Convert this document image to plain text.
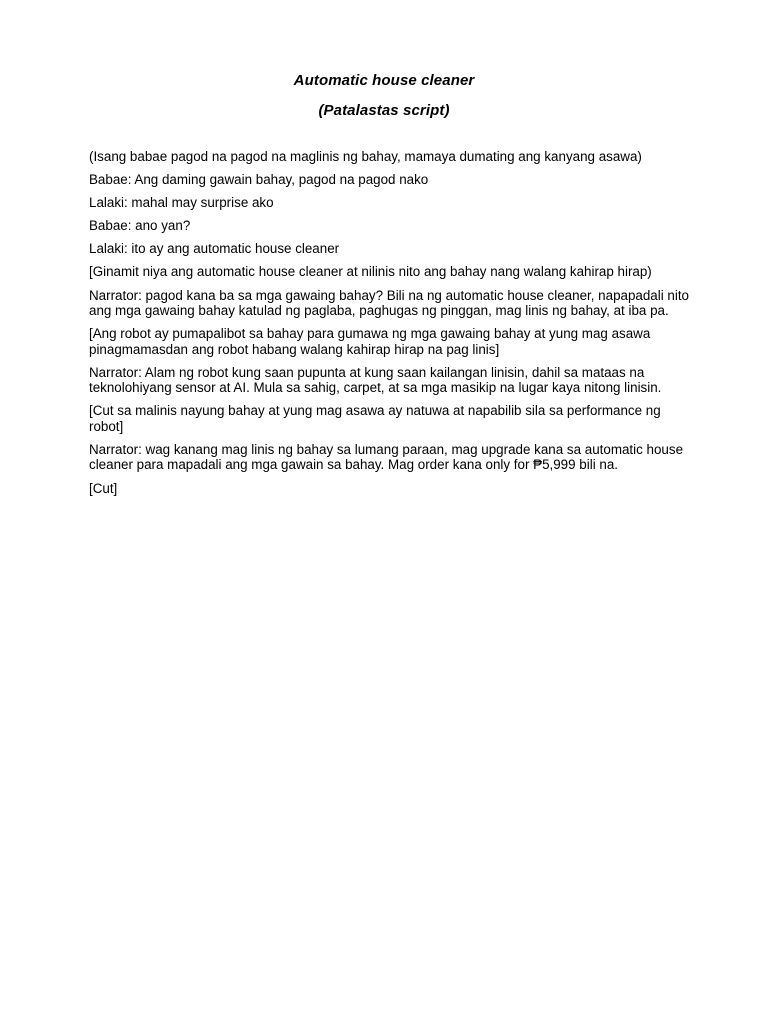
Automatic house cleaner

(Patalastas script)

(Isang babae pagod na pagod na maglinis ng bahay, mamaya dumating ang kanyang asawa)

Babae: Ang daming gawain bahay, pagod na pagod nako

Lalaki: mahal may surprise ako

Babae: ano yan?

Lalaki: ito ay ang automatic house cleaner

[Ginamit niya ang automatic house cleaner at nilinis nito ang bahay nang walang kahirap hirap)

Narrator: pagod kana ba sa mga gawaing bahay? Bili na ng automatic house cleaner, napapadali nito ang mga gawaing bahay katulad ng paglaba, paghugas ng pinggan, mag linis ng bahay, at iba pa.

[Ang robot ay pumapalibot sa bahay para gumawa ng mga gawaing bahay at yung mag asawa pinagmamasdan ang robot habang walang kahirap hirap na pag linis]

Narrator: Alam ng robot kung saan pupunta at kung saan kailangan linisin, dahil sa mataas na teknolohiyang sensor at AI. Mula sa sahig, carpet, at sa mga masikip na lugar kaya nitong linisin.

[Cut sa malinis nayung bahay at yung mag asawa ay natuwa at napabilib sila sa performance ng robot]

Narrator: wag kanang mag linis ng bahay sa lumang paraan, mag upgrade kana sa automatic house cleaner para mapadali ang mga gawain sa bahay. Mag order kana only for ₱5,999 bili na.

[Cut]
